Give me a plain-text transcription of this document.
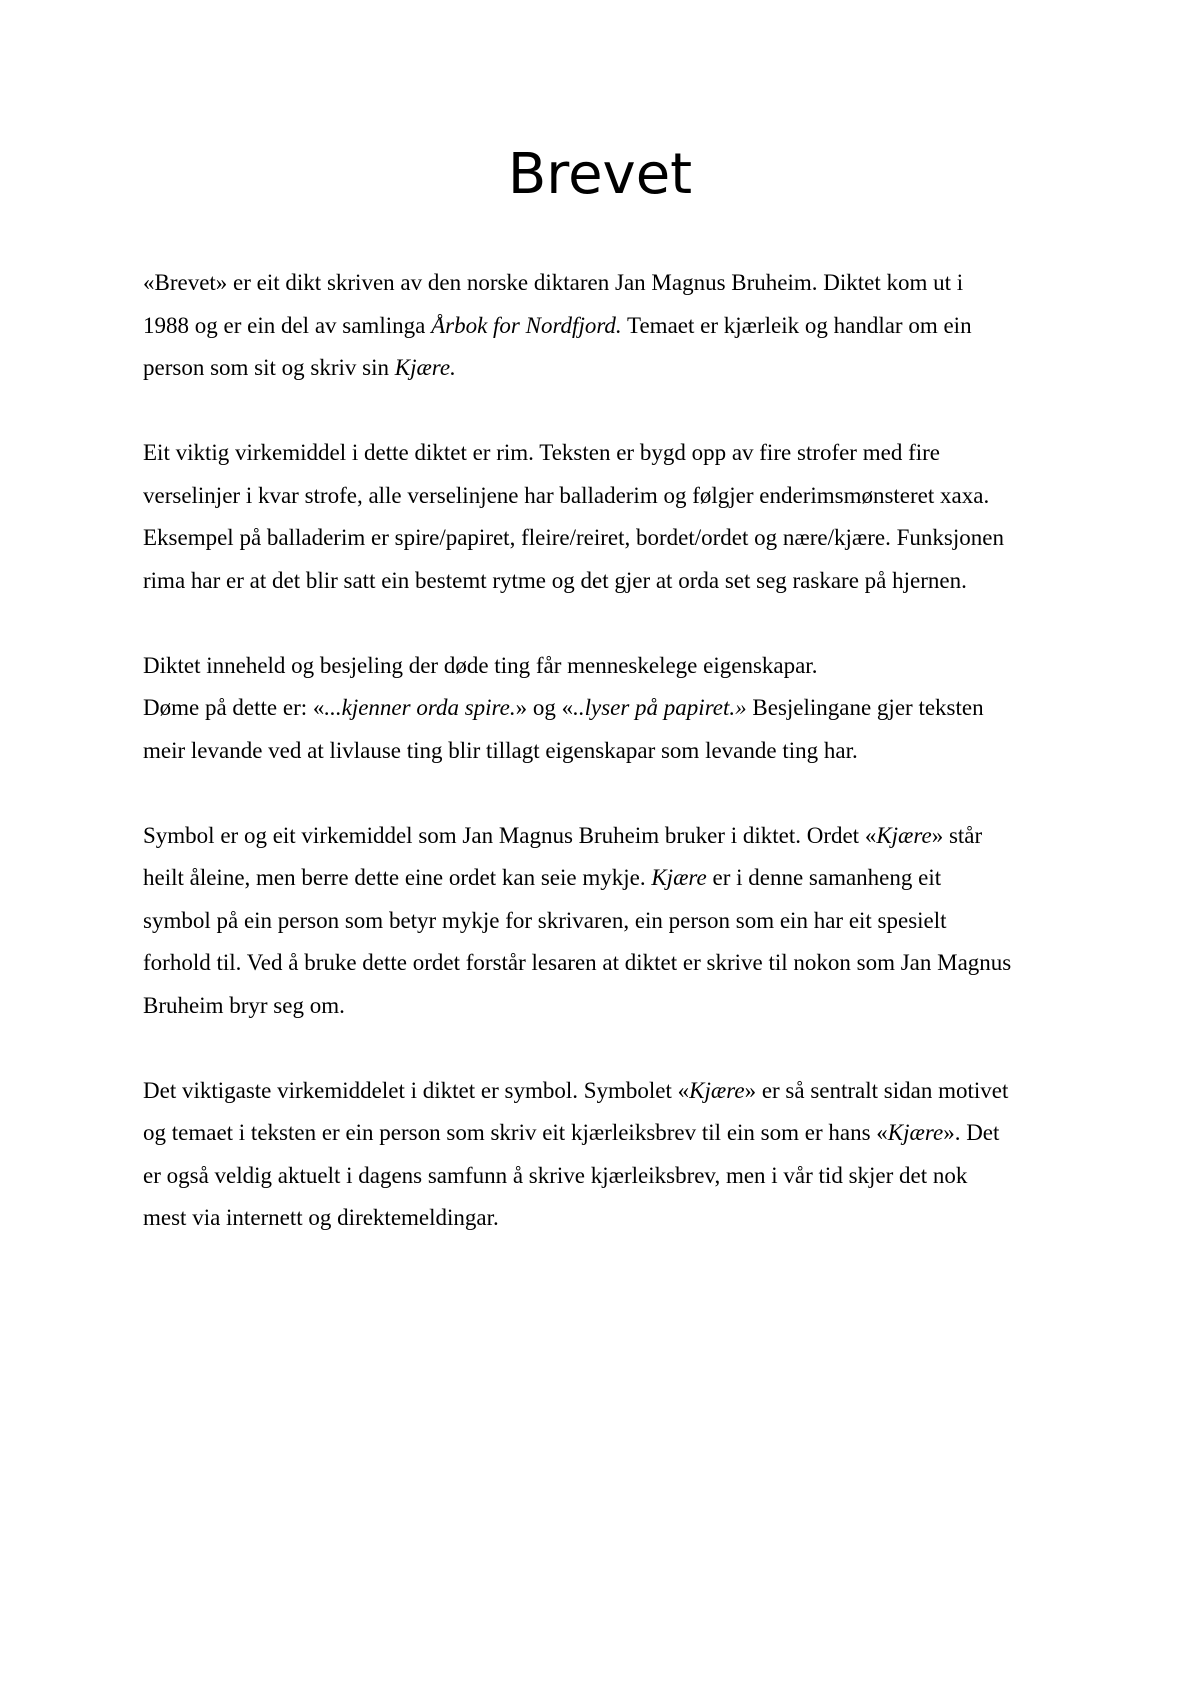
Brevet

«Brevet» er eit dikt skriven av den norske diktaren Jan Magnus Bruheim. Diktet kom ut i
1988 og er ein del av samlinga Årbok for Nordfjord. Temaet er kjærleik og handlar om ein
person som sit og skriv sin Kjære.

Eit viktig virkemiddel i dette diktet er rim. Teksten er bygd opp av fire strofer med fire
verselinjer i kvar strofe, alle verselinjene har balladerim og følgjer enderimsmønsteret xaxa.
Eksempel på balladerim er spire/papiret, fleire/reiret, bordet/ordet og nære/kjære. Funksjonen
rima har er at det blir satt ein bestemt rytme og det gjer at orda set seg raskare på hjernen.

Diktet inneheld og besjeling der døde ting får menneskelege eigenskapar.
Døme på dette er: «...kjenner orda spire.» og «..lyser på papiret.» Besjelingane gjer teksten
meir levande ved at livlause ting blir tillagt eigenskapar som levande ting har.

Symbol er og eit virkemiddel som Jan Magnus Bruheim bruker i diktet. Ordet «Kjære» står
heilt åleine, men berre dette eine ordet kan seie mykje. Kjære er i denne samanheng eit
symbol på ein person som betyr mykje for skrivaren, ein person som ein har eit spesielt
forhold til. Ved å bruke dette ordet forstår lesaren at diktet er skrive til nokon som Jan Magnus
Bruheim bryr seg om.

Det viktigaste virkemiddelet i diktet er symbol. Symbolet «Kjære» er så sentralt sidan motivet
og temaet i teksten er ein person som skriv eit kjærleiksbrev til ein som er hans «Kjære». Det
er også veldig aktuelt i dagens samfunn å skrive kjærleiksbrev, men i vår tid skjer det nok
mest via internett og direktemeldingar.
